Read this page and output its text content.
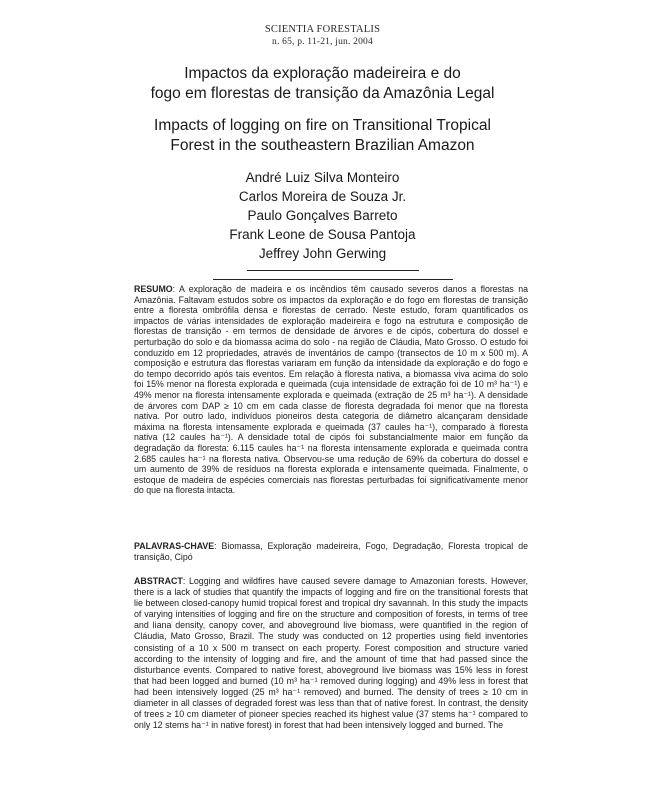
SCIENTIA FORESTALIS
n. 65, p. 11-21, jun. 2004
Impactos da exploração madeireira e do
fogo em florestas de transição da Amazônia Legal
Impacts of logging on fire on Transitional Tropical
Forest in the southeastern Brazilian Amazon
André Luiz Silva Monteiro
Carlos Moreira de Souza Jr.
Paulo Gonçalves Barreto
Frank Leone de Sousa Pantoja
Jeffrey John Gerwing
RESUMO: A exploração de madeira e os incêndios têm causado severos danos a florestas na Amazônia. Faltavam estudos sobre os impactos da exploração e do fogo em florestas de transição entre a floresta ombrófila densa e florestas de cerrado. Neste estudo, foram quantificados os impactos de várias intensidades de exploração madeireira e fogo na estrutura e composição de florestas de transição - em termos de densidade de árvores e de cipós, cobertura do dossel e perturbação do solo e da biomassa acima do solo - na região de Cláudia, Mato Grosso. O estudo foi conduzido em 12 propriedades, através de inventários de campo (transectos de 10 m x 500 m). A composição e estrutura das florestas variaram em função da intensidade da exploração e do fogo e do tempo decorrido após tais eventos. Em relação à floresta nativa, a biomassa viva acima do solo foi 15% menor na floresta explorada e queimada (cuja intensidade de extração foi de 10 m³ ha⁻¹) e 49% menor na floresta intensamente explorada e queimada (extração de 25 m³ ha⁻¹). A densidade de árvores com DAP ≥ 10 cm em cada classe de floresta degradada foi menor que na floresta nativa. Por outro lado, indivíduos pioneiros desta categoria de diâmetro alcançaram densidade máxima na floresta intensamente explorada e queimada (37 caules ha⁻¹), comparado à floresta nativa (12 caules ha⁻¹). A densidade total de cipós foi substancialmente maior em função da degradação da floresta: 6.115 caules ha⁻¹ na floresta intensamente explorada e queimada contra 2.685 caules ha⁻¹ na floresta nativa. Observou-se uma redução de 69% da cobertura do dossel e um aumento de 39% de resíduos na floresta explorada e intensamente queimada. Finalmente, o estoque de madeira de espécies comerciais nas florestas perturbadas foi significativamente menor do que na floresta intacta.
PALAVRAS-CHAVE: Biomassa, Exploração madeireira, Fogo, Degradação, Floresta tropical de transição, Cipó
ABSTRACT: Logging and wildfires have caused severe damage to Amazonian forests. However, there is a lack of studies that quantify the impacts of logging and fire on the transitional forests that lie between closed-canopy humid tropical forest and tropical dry savannah. In this study the impacts of varying intensities of logging and fire on the structure and composition of forests, in terms of tree and liana density, canopy cover, and aboveground live biomass, were quantified in the region of Cláudia, Mato Grosso, Brazil. The study was conducted on 12 properties using field inventories consisting of a 10 x 500 m transect on each property. Forest composition and structure varied according to the intensity of logging and fire, and the amount of time that had passed since the disturbance events. Compared to native forest, aboveground live biomass was 15% less in forest that had been logged and burned (10 m³ ha⁻¹ removed during logging) and 49% less in forest that had been intensively logged (25 m³ ha⁻¹ removed) and burned. The density of trees ≥ 10 cm in diameter in all classes of degraded forest was less than that of native forest. In contrast, the density of trees ≥ 10 cm diameter of pioneer species reached its highest value (37 stems ha⁻¹ compared to only 12 stems ha⁻¹ in native forest) in forest that had been intensively logged and burned. The
